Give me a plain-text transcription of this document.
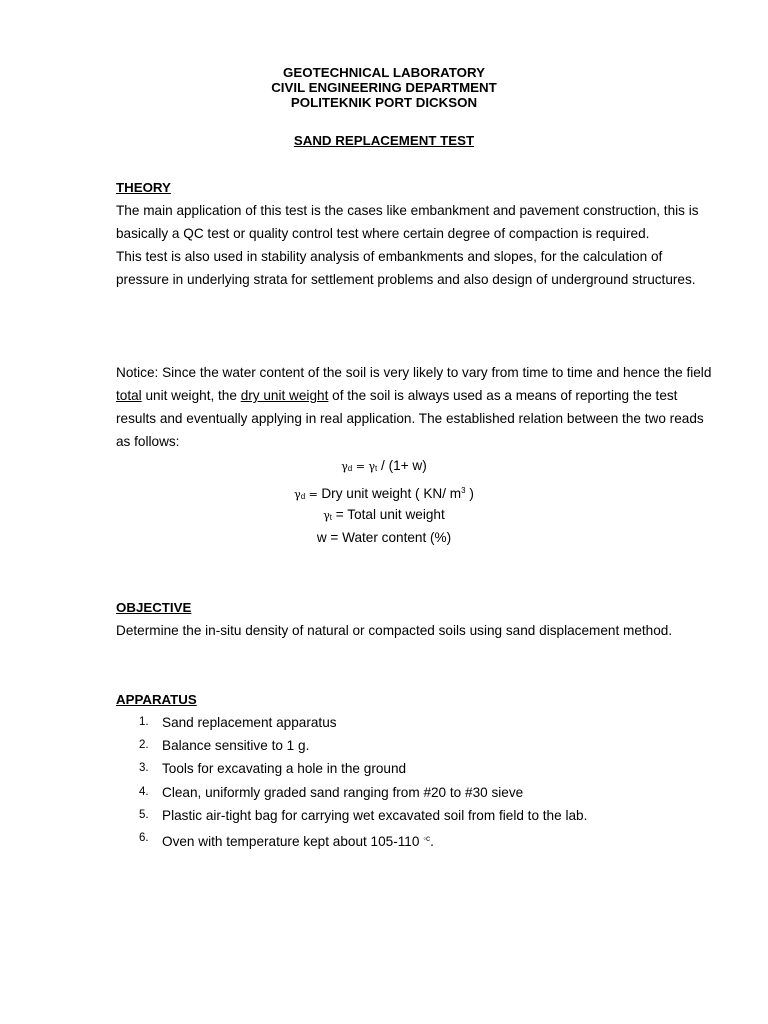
GEOTECHNICAL LABORATORY
CIVIL ENGINEERING DEPARTMENT
POLITEKNIK PORT DICKSON
SAND REPLACEMENT TEST
THEORY

The main application of this test is the cases like embankment and pavement construction, this is basically a QC test or quality control test where certain degree of compaction is required.

This test is also used in stability analysis of embankments and slopes, for the calculation of pressure in underlying strata for settlement problems and also design of underground structures.

Notice: Since the water content of the soil is very likely to vary from time to time and hence the field total unit weight, the dry unit weight of the soil is always used as a means of reporting the test results and eventually applying in real application. The established relation between the two reads as follows:

γd = γt / (1+ w)
γd = Dry unit weight ( KN/ $m^3$ )
γt = Total unit weight
w = Water content (%)
OBJECTIVE
Determine the in-situ density of natural or compacted soils using sand displacement method.
APPARATUS
1. Sand replacement apparatus
2. Balance sensitive to 1 g.
3. Tools for excavating a hole in the ground
4. Clean, uniformly graded sand ranging from #20 to #30 sieve
5. Plastic air-tight bag for carrying wet excavated soil from field to the lab.
6. Oven with temperature kept about 105-110 $^{◦c}$.
